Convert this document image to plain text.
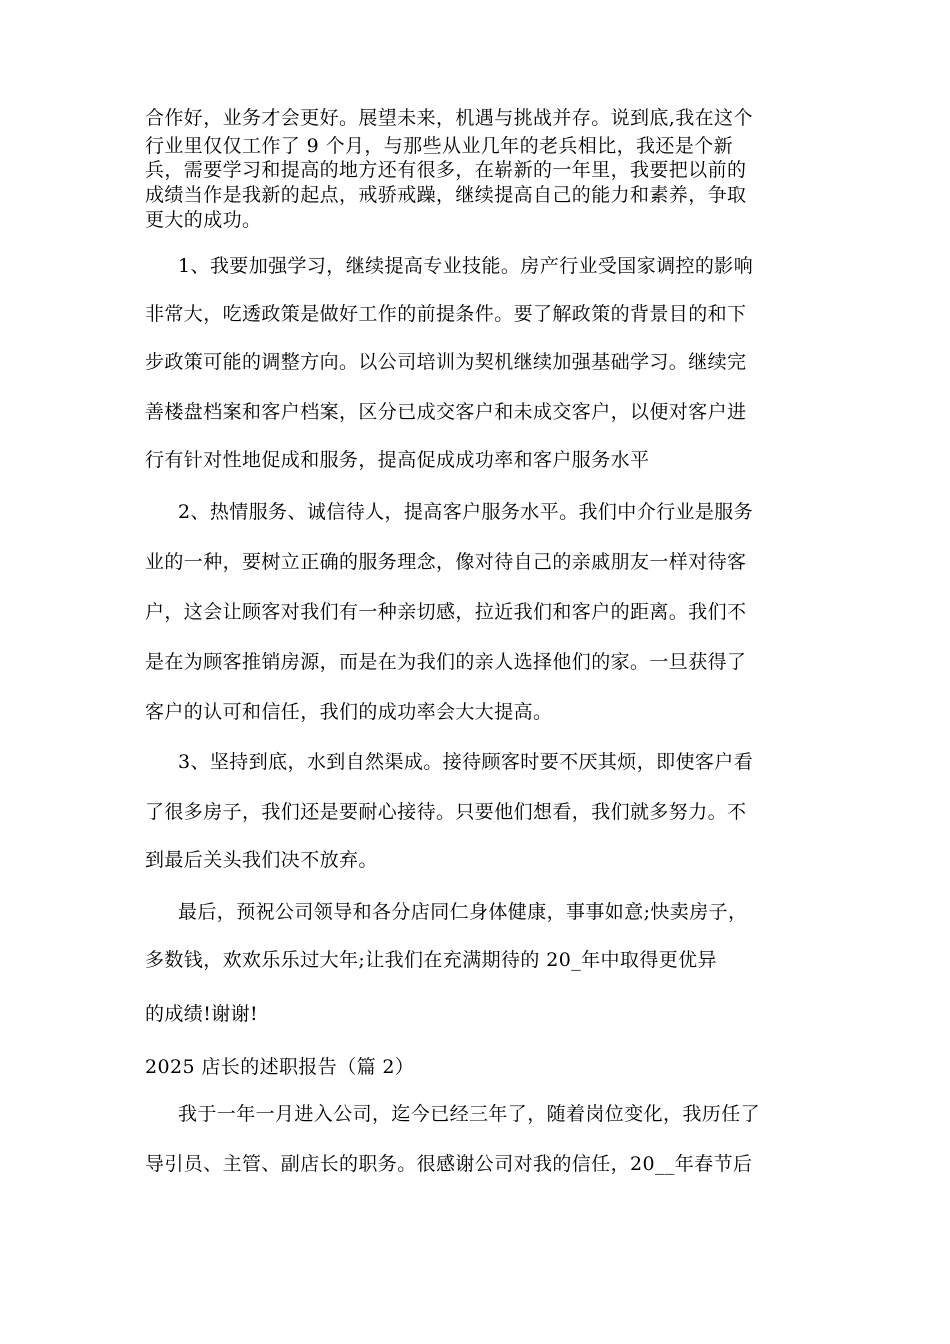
合作好，业务才会更好。展望未来，机遇与挑战并存。说到底,我在这个
行业里仅仅工作了 9 个月，与那些从业几年的老兵相比，我还是个新
兵，需要学习和提高的地方还有很多，在崭新的一年里，我要把以前的
成绩当作是我新的起点，戒骄戒躁，继续提高自己的能力和素养，争取
更大的成功。
1、我要加强学习，继续提高专业技能。房产行业受国家调控的影响
非常大，吃透政策是做好工作的前提条件。要了解政策的背景目的和下
步政策可能的调整方向。以公司培训为契机继续加强基础学习。继续完
善楼盘档案和客户档案，区分已成交客户和未成交客户，以便对客户进
行有针对性地促成和服务，提高促成成功率和客户服务水平
2、热情服务、诚信待人，提高客户服务水平。我们中介行业是服务
业的一种，要树立正确的服务理念，像对待自己的亲戚朋友一样对待客
户，这会让顾客对我们有一种亲切感，拉近我们和客户的距离。我们不
是在为顾客推销房源，而是在为我们的亲人选择他们的家。一旦获得了
客户的认可和信任，我们的成功率会大大提高。
3、坚持到底，水到自然渠成。接待顾客时要不厌其烦，即使客户看
了很多房子，我们还是要耐心接待。只要他们想看，我们就多努力。不
到最后关头我们决不放弃。
最后，预祝公司领导和各分店同仁身体健康，事事如意;快卖房子，
多数钱，欢欢乐乐过大年;让我们在充满期待的 20_年中取得更优异
的成绩!谢谢!
2025 店长的述职报告（篇 2）
我于一年一月进入公司，迄今已经三年了，随着岗位变化，我历任了
导引员、主管、副店长的职务。很感谢公司对我的信任，20__年春节后
